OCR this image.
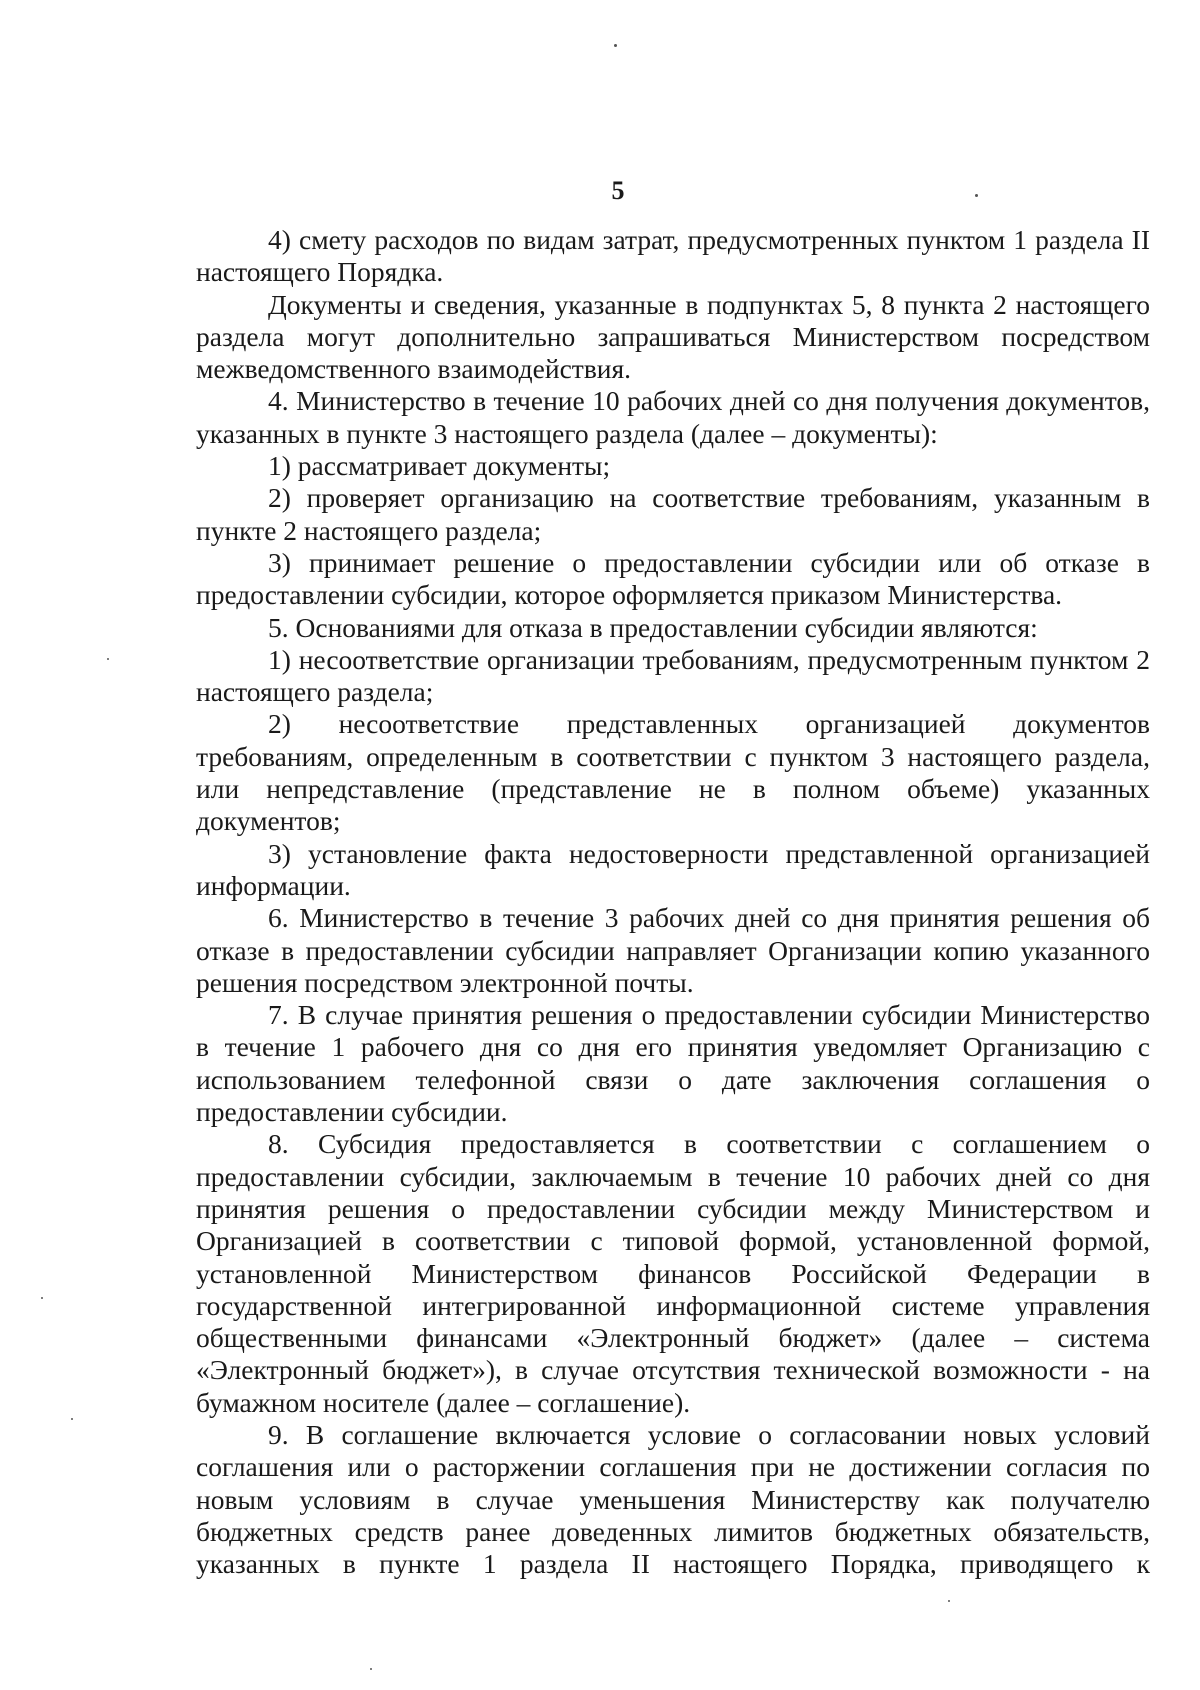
5

4) смету расходов по видам затрат, предусмотренных пунктом 1 раздела II настоящего Порядка.

Документы и сведения, указанные в подпунктах 5, 8 пункта 2 настоящего раздела могут дополнительно запрашиваться Министерством посредством межведомственного взаимодействия.

4. Министерство в течение 10 рабочих дней со дня получения документов, указанных в пункте 3 настоящего раздела (далее – документы):

1) рассматривает документы;

2) проверяет организацию на соответствие требованиям, указанным в пункте 2 настоящего раздела;

3) принимает решение о предоставлении субсидии или об отказе в предоставлении субсидии, которое оформляется приказом Министерства.

5. Основаниями для отказа в предоставлении субсидии являются:

1) несоответствие организации требованиям, предусмотренным пунктом 2 настоящего раздела;

2) несоответствие представленных организацией документов требованиям, определенным в соответствии с пунктом 3 настоящего раздела, или непредставление (представление не в полном объеме) указанных документов;

3) установление факта недостоверности представленной организацией информации.

6. Министерство в течение 3 рабочих дней со дня принятия решения об отказе в предоставлении субсидии направляет Организации копию указанного решения посредством электронной почты.

7. В случае принятия решения о предоставлении субсидии Министерство в течение 1 рабочего дня со дня его принятия уведомляет Организацию с использованием телефонной связи о дате заключения соглашения о предоставлении субсидии.

8. Субсидия предоставляется в соответствии с соглашением о предоставлении субсидии, заключаемым в течение 10 рабочих дней со дня принятия решения о предоставлении субсидии между Министерством и Организацией в соответствии с типовой формой, установленной формой, установленной Министерством финансов Российской Федерации в государственной интегрированной информационной системе управления общественными финансами «Электронный бюджет» (далее – система «Электронный бюджет»), в случае отсутствия технической возможности - на бумажном носителе (далее – соглашение).

9. В соглашение включается условие о согласовании новых условий соглашения или о расторжении соглашения при не достижении согласия по новым условиям в случае уменьшения Министерству как получателю бюджетных средств ранее доведенных лимитов бюджетных обязательств, указанных в пункте 1 раздела II настоящего Порядка, приводящего к
